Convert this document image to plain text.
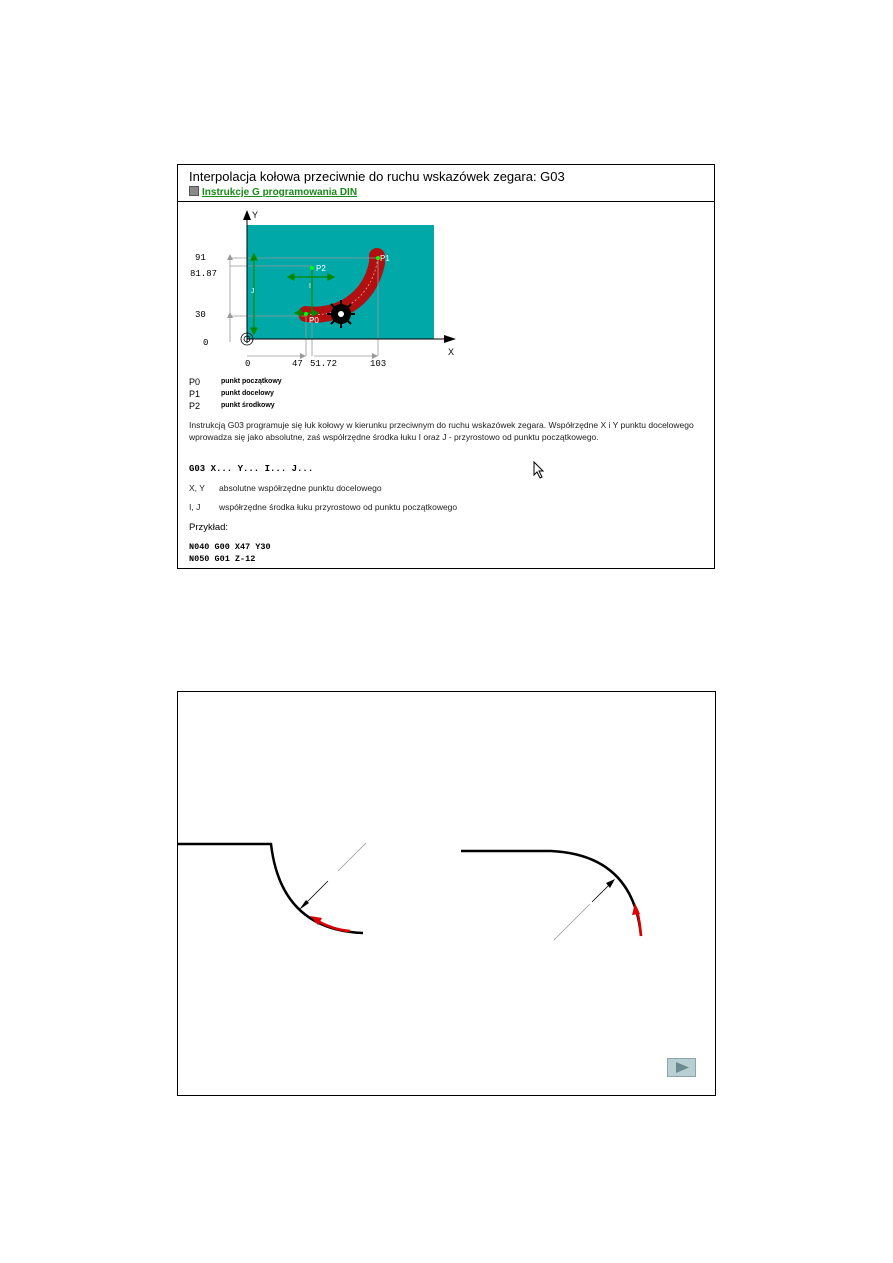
Interpolacja kołowa przeciwnie do ruchu wskazówek zegara: G03
Instrukcje G programowania DIN
Y
X
91
81.87
30
0
0	47 51.72	103
P0
P1
P2
I
J
P0	punkt początkowy
P1	punkt docelowy
P2	punkt środkowy
Instrukcją G03 programuje się łuk kołowy w kierunku przeciwnym do ruchu wskazówek zegara. Współrzędne X i Y punktu docelowego wprowadza się jako absolutne, zaś współrzędne środka łuku I oraz J - przyrostowo od punktu początkowego.
G03 X... Y... I... J...
X, Y absolutne współrzędne punktu docelowego
I, J współrzędne środka łuku przyrostowo od punktu początkowego
Przykład:
N040 G00 X47 Y30
N050 G01 Z-12
